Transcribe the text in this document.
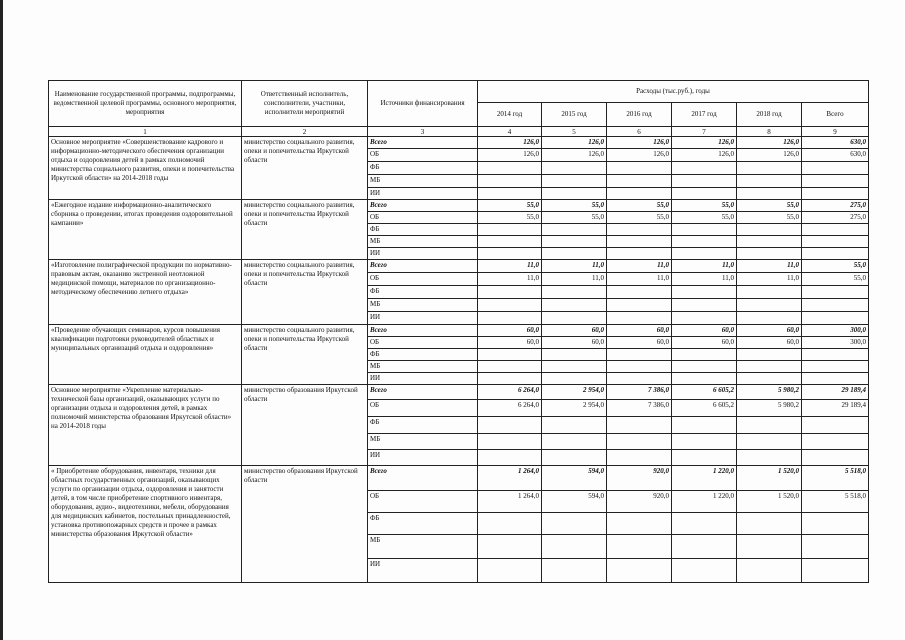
Наименование государственной программы, подпрограммы, ведомственной целевой программы, основного мероприятия, мероприятия	Ответственный исполнитель, соисполнители, участники, исполнители мероприятий	Источники финансирования	Расходы (тыс.руб.), годы					
			2014 год	2015 год	2016 год	2017 год	2018 год	Всего
1	2	3	4	5	6	7	8	9
Основное мероприятие «Совершенствование кадрового и информационно-методического обеспечения организации отдыха и оздоровления детей в рамках полномочий министерства социального развития, опеки и попечительства Иркутской области» на 2014-2018 годы	министерство социального развития, опеки и попечительства Иркутской области	Всего	126,0	126,0	126,0	126,0	126,0	630,0
		ОБ	126,0	126,0	126,0	126,0	126,0	630,0
		ФБ						
		МБ						
		ИИ						
«Ежегодное издание информационно-аналитического сборника о проведении, итогах проведения оздоровительной кампании»	министерство социального развития, опеки и попечительства Иркутской области	Всего	55,0	55,0	55,0	55,0	55,0	275,0
		ОБ	55,0	55,0	55,0	55,0	55,0	275,0
		ФБ						
		МБ						
		ИИ						
«Изготовление полиграфической продукции по нормативно-правовым актам, оказанию экстренной неотложной медицинской помощи, материалов по организационно-методическому обеспечению летнего отдыха»	министерство социального развития, опеки и попечительства Иркутской области	Всего	11,0	11,0	11,0	11,0	11,0	55,0
		ОБ	11,0	11,0	11,0	11,0	11,0	55,0
		ФБ						
		МБ						
		ИИ						
«Проведение обучающих семинаров, курсов повышения квалификации подготовки руководителей областных и муниципальных организаций отдыха и оздоровления»	министерство социального развития, опеки и попечительства Иркутской области	Всего	60,0	60,0	60,0	60,0	60,0	300,0
		ОБ	60,0	60,0	60,0	60,0	60,0	300,0
		ФБ						
		МБ						
		ИИ						
Основное мероприятие «Укрепление материально-технической базы организаций, оказывающих услуги по организации отдыха и оздоровления детей, в рамках полномочий министерства образования Иркутской области» на 2014-2018 годы	министерство образования Иркутской области	Всего	6 264,0	2 954,0	7 386,0	6 605,2	5 980,2	29 189,4
		ОБ	6 264,0	2 954,0	7 386,0	6 605,2	5 980,2	29 189,4
		ФБ						
		МБ						
		ИИ						
« Приобретение оборудования, инвентаря, техники для областных государственных организаций, оказывающих услуги по организации отдыха, оздоровления и занятости детей, в том числе приобретение спортивного инвентаря, оборудования, аудио-, видеотехники, мебели, оборудования для медицинских кабинетов, постельных принадлежностей, установка противопожарных средств и прочее в рамках министерства образования Иркутской области»	министерство образования Иркутской области	Всего	1 264,0	594,0	920,0	1 220,0	1 520,0	5 518,0
		ОБ	1 264,0	594,0	920,0	1 220,0	1 520,0	5 518,0
		ФБ						
		МБ						
		ИИ						
